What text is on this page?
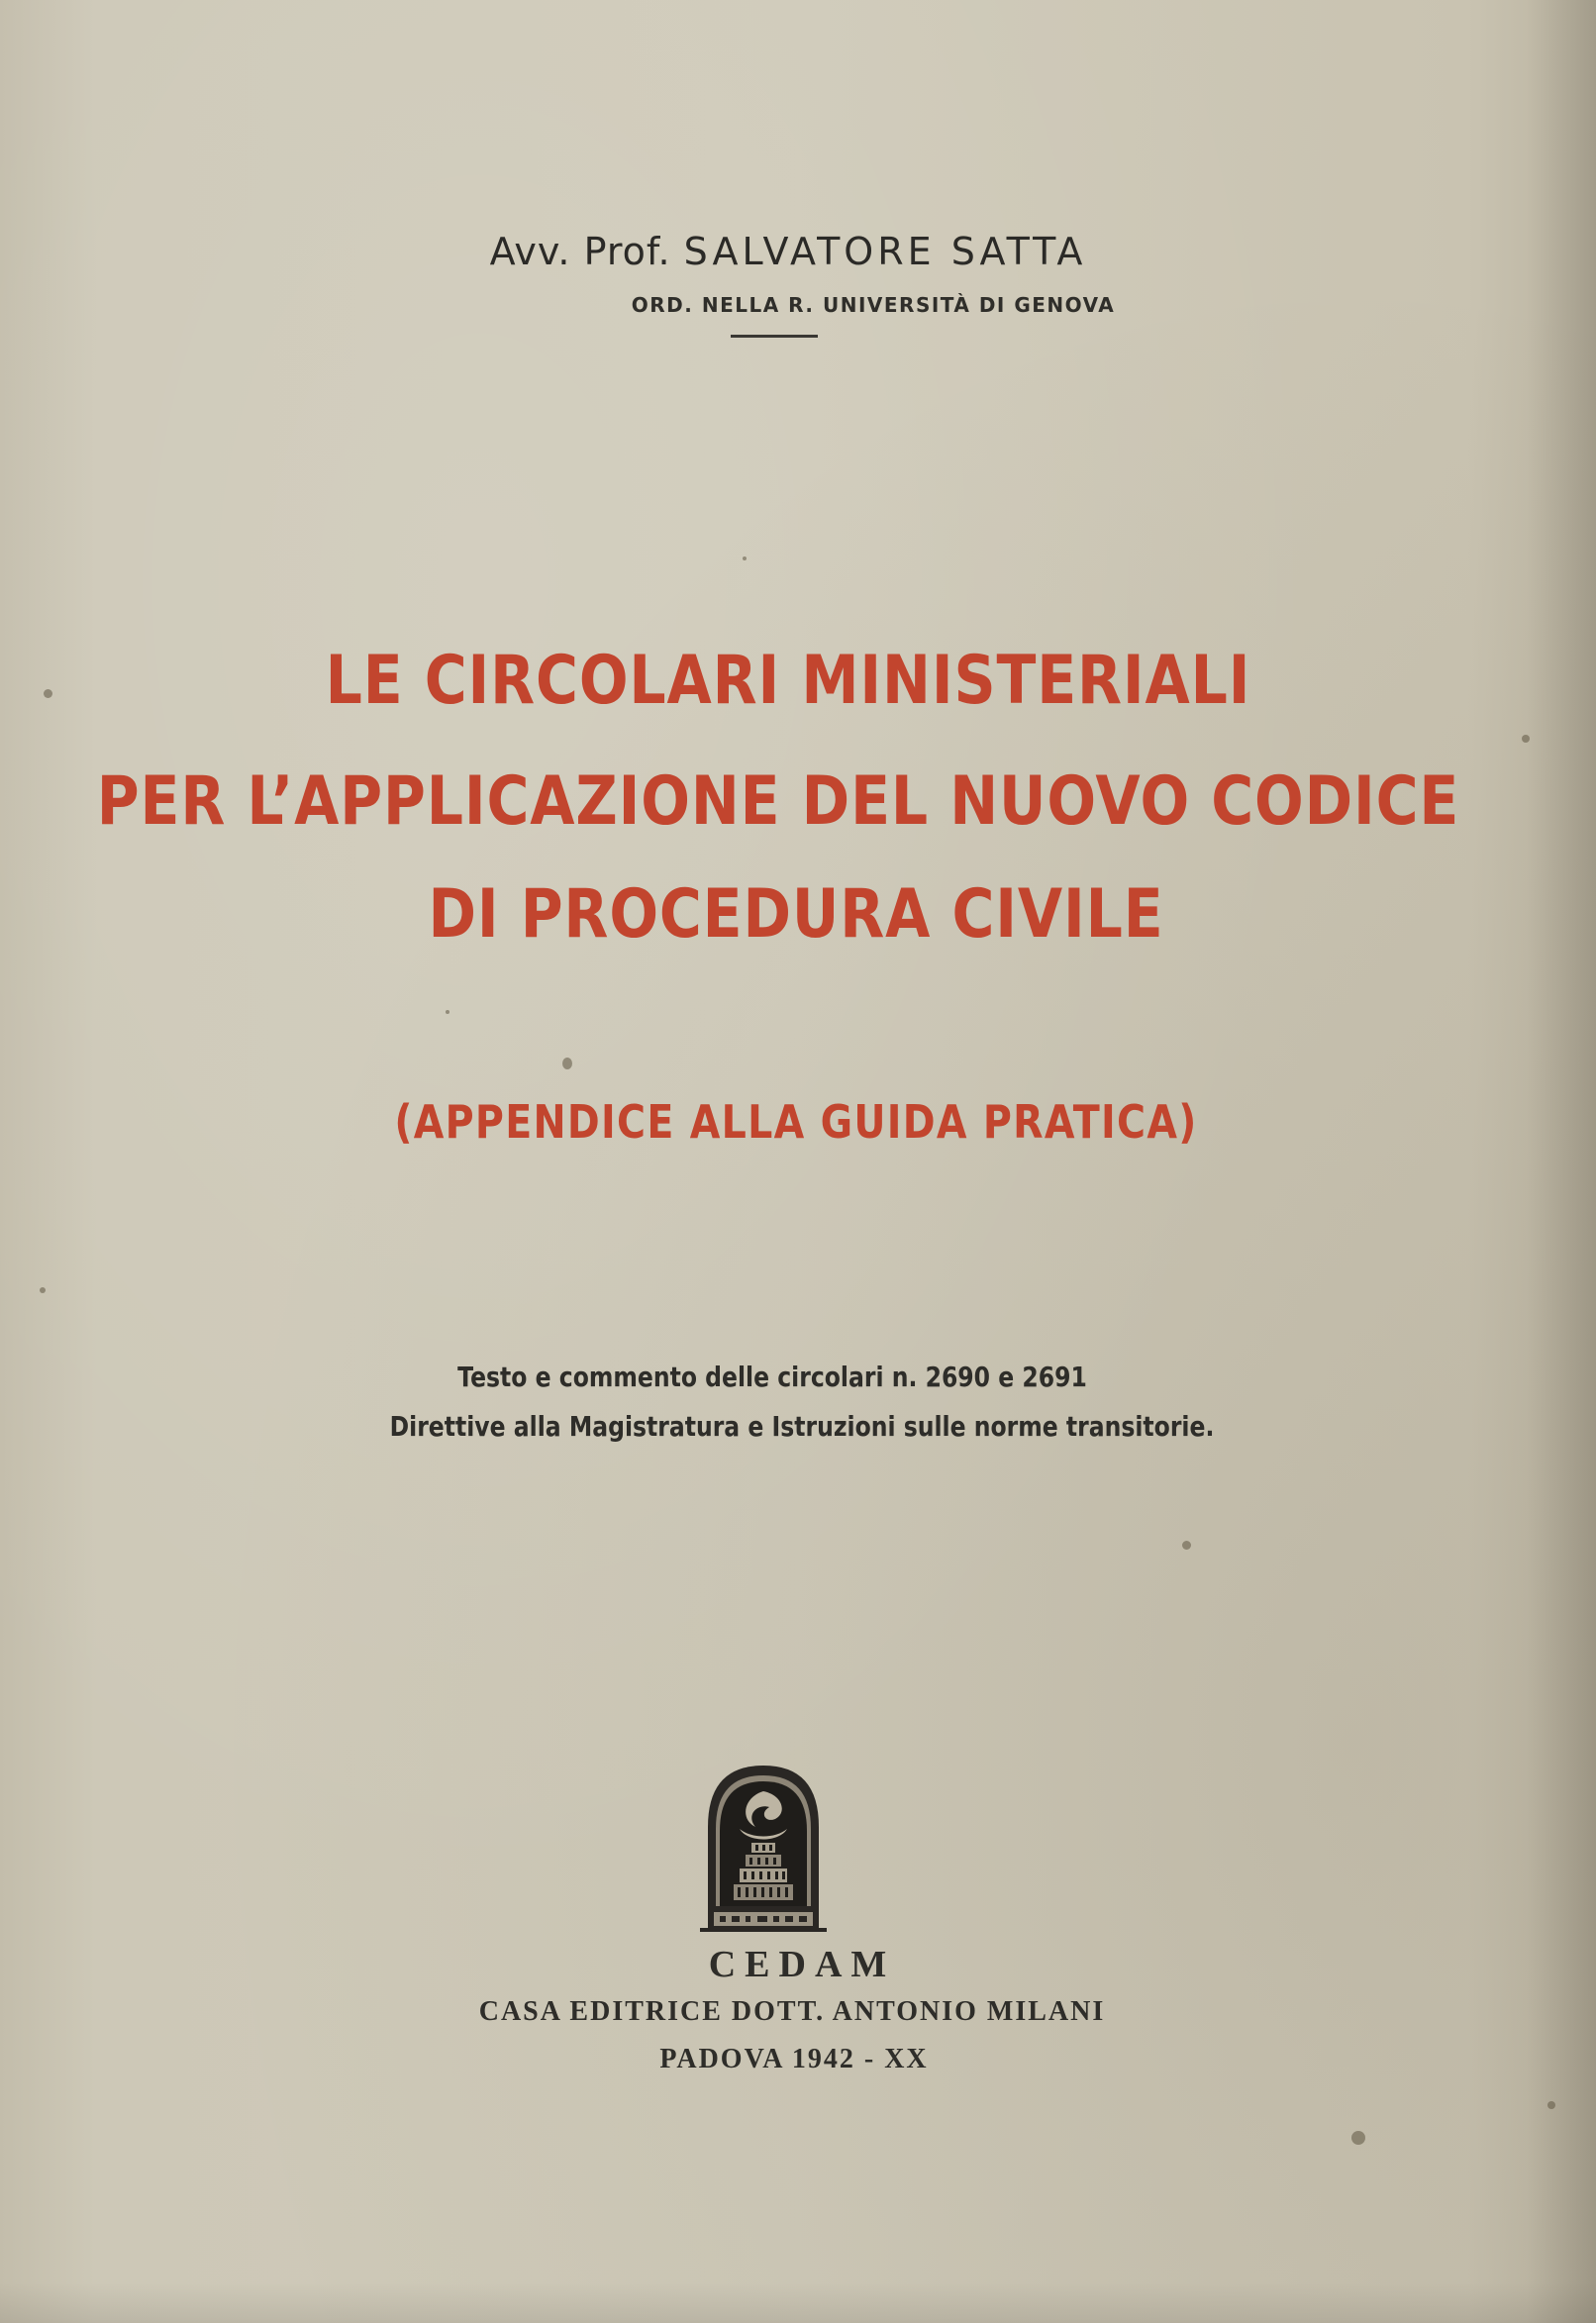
Avv. Prof. SALVATORE SATTA
ORD. NELLA R. UNIVERSITÀ DI GENOVA
LE CIRCOLARI MINISTERIALI
PER L’APPLICAZIONE DEL NUOVO CODICE
DI PROCEDURA CIVILE
(APPENDICE ALLA GUIDA PRATICA)
Testo e commento delle circolari n. 2690 e 2691
Direttive alla Magistratura e Istruzioni sulle norme transitorie.
CEDAM
CASA EDITRICE DOTT. ANTONIO MILANI
PADOVA 1942 - XX
